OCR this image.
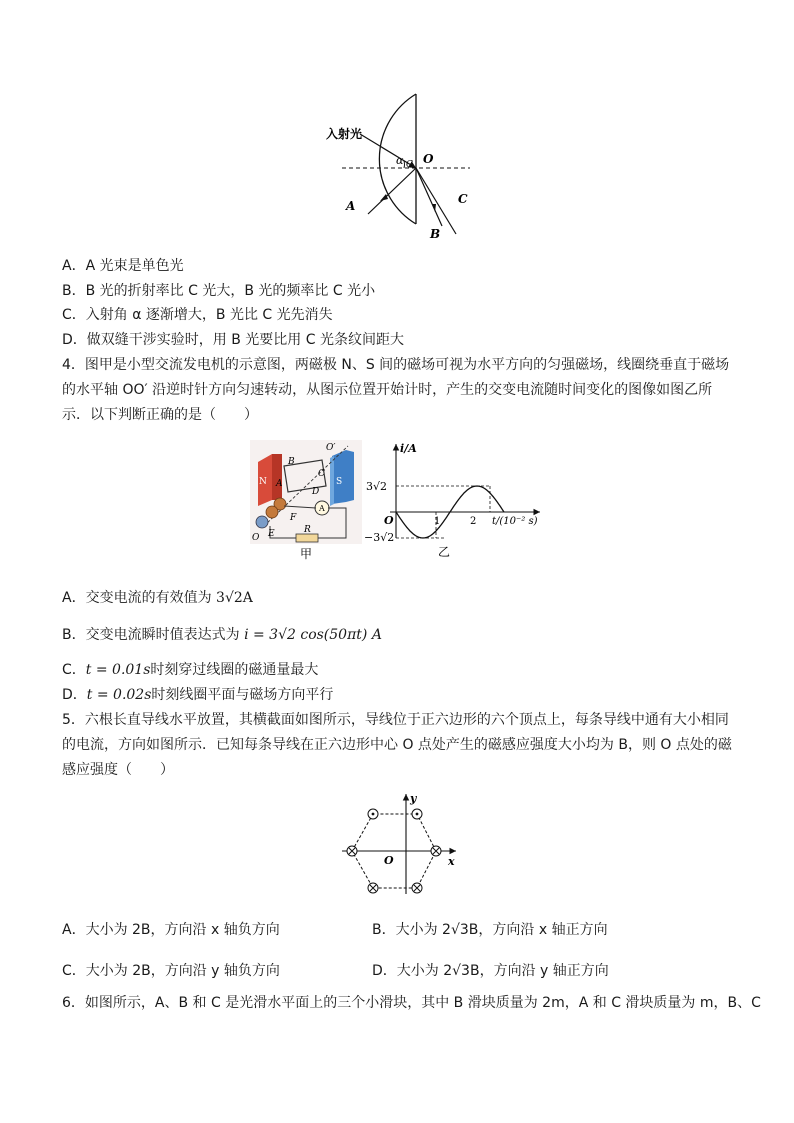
入射光
α C O
A
B
C
A．A 光束是单色光
B．B 光的折射率比 C 光大，B 光的频率比 C 光小
C．入射角 α 逐渐增大，B 光比 C 光先消失
D．做双缝干涉实验时，用 B 光要比用 C 光条纹间距大
4．图甲是小型交流发电机的示意图，两磁极 N、S 间的磁场可视为水平方向的匀强磁场，线圈绕垂直于磁场
的水平轴 OO′ 沿逆时针方向匀速转动，从图示位置开始计时，产生的交变电流随时间变化的图像如图乙所
示．以下判断正确的是（　　）
N	S
O′
B
C
A
D
F
A
O E	R
甲
i/A
3√2
−3√2
O	1	2 t/(10⁻² s)
乙
A．交变电流的有效值为 3√2A
B．交变电流瞬时值表达式为 i = 3√2 cos(50πt) A
C．t = 0.01s时刻穿过线圈的磁通量最大
D．t = 0.02s时刻线圈平面与磁场方向平行
5．六根长直导线水平放置，其横截面如图所示，导线位于正六边形的六个顶点上，每条导线中通有大小相同
的电流，方向如图所示．已知每条导线在正六边形中心 O 点处产生的磁感应强度大小均为 B，则 O 点处的磁
感应强度（　　）
y
x
O
A．大小为 2B，方向沿 x 轴负方向	B．大小为 2√3B，方向沿 x 轴正方向
C．大小为 2B，方向沿 y 轴负方向	D．大小为 2√3B，方向沿 y 轴正方向
6．如图所示，A、B 和 C 是光滑水平面上的三个小滑块，其中 B 滑块质量为 2m，A 和 C 滑块质量为 m，B、C
